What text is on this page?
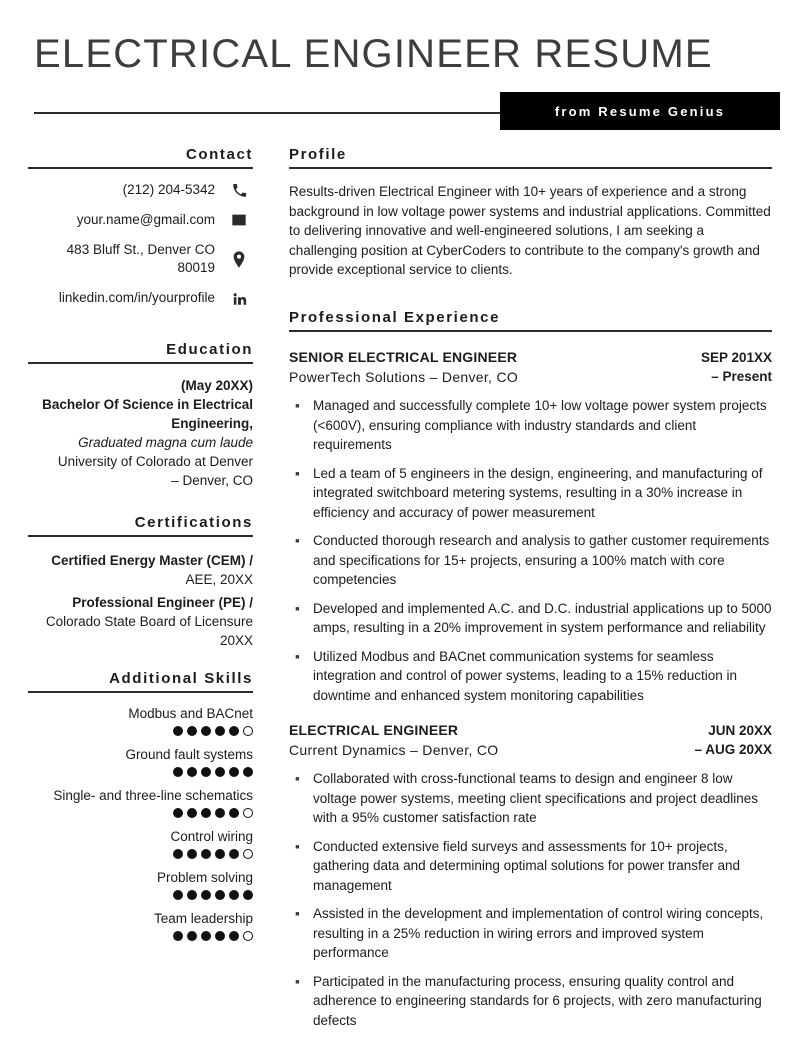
ELECTRICAL ENGINEER RESUME
from Resume Genius
Contact
(212) 204-5342
your.name@gmail.com
483 Bluff St., Denver CO 80019
linkedin.com/in/yourprofile
Education
(May 20XX)
Bachelor Of Science in Electrical Engineering,
Graduated magna cum laude
University of Colorado at Denver
– Denver, CO
Certifications
Certified Energy Master (CEM) /
AEE, 20XX
Professional Engineer (PE) /
Colorado State Board of Licensure 20XX
Additional Skills
Modbus and BACnet
Ground fault systems
Single- and three-line schematics
Control wiring
Problem solving
Team leadership
Profile

Results-driven Electrical Engineer with 10+ years of experience and a strong background in low voltage power systems and industrial applications. Committed to delivering innovative and well-engineered solutions, I am seeking a challenging position at CyberCoders to contribute to the company's growth and provide exceptional service to clients.

Professional Experience
SENIOR ELECTRICAL ENGINEER
PowerTech Solutions – Denver, CO
SEP 201XX
– Present
▪ Managed and successfully complete 10+ low voltage power system projects (<600V), ensuring compliance with industry standards and client requirements
▪ Led a team of 5 engineers in the design, engineering, and manufacturing of integrated switchboard metering systems, resulting in a 30% increase in efficiency and accuracy of power measurement
▪ Conducted thorough research and analysis to gather customer requirements and specifications for 15+ projects, ensuring a 100% match with core competencies
▪ Developed and implemented A.C. and D.C. industrial applications up to 5000 amps, resulting in a 20% improvement in system performance and reliability
▪ Utilized Modbus and BACnet communication systems for seamless integration and control of power systems, leading to a 15% reduction in downtime and enhanced system monitoring capabilities
ELECTRICAL ENGINEER
Current Dynamics – Denver, CO
JUN 20XX
– AUG 20XX
▪ Collaborated with cross-functional teams to design and engineer 8 low voltage power systems, meeting client specifications and project deadlines with a 95% customer satisfaction rate
▪ Conducted extensive field surveys and assessments for 10+ projects, gathering data and determining optimal solutions for power transfer and management
▪ Assisted in the development and implementation of control wiring concepts, resulting in a 25% reduction in wiring errors and improved system performance
▪ Participated in the manufacturing process, ensuring quality control and adherence to engineering standards for 6 projects, with zero manufacturing defects
